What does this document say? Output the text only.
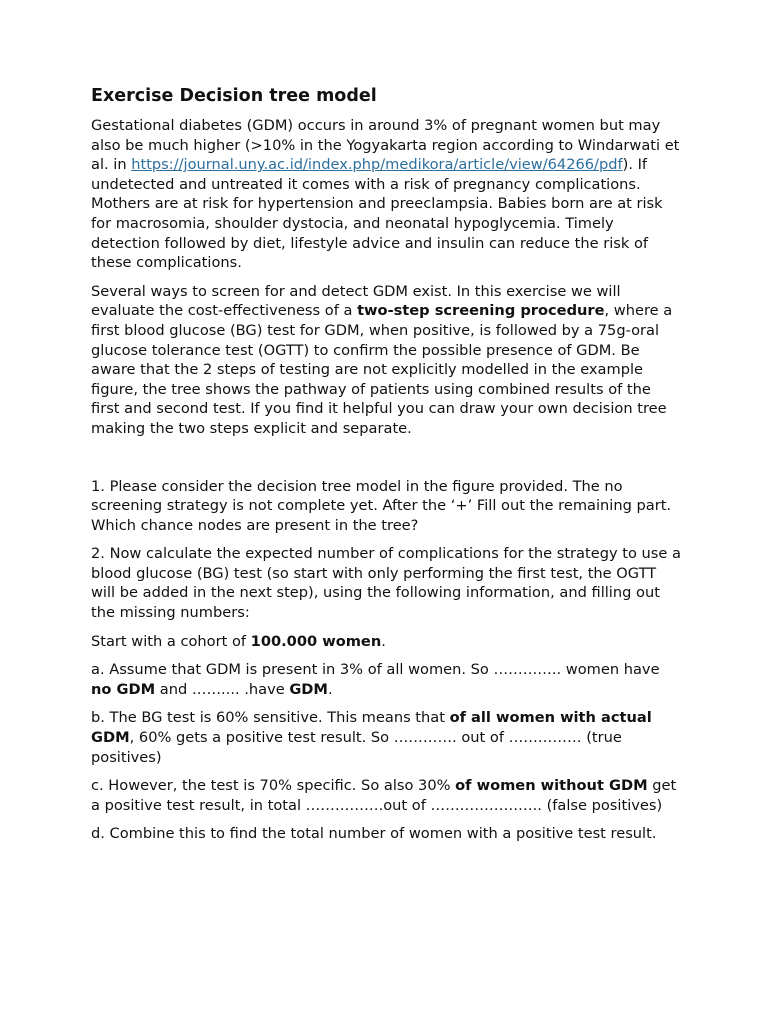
Exercise Decision tree model

Gestational diabetes (GDM) occurs in around 3% of pregnant women but may also be much higher (>10% in the Yogyakarta region according to Windarwati et al. in https://journal.uny.ac.id/index.php/medikora/article/view/64266/pdf). If undetected and untreated it comes with a risk of pregnancy complications. Mothers are at risk for hypertension and preeclampsia. Babies born are at risk for macrosomia, shoulder dystocia, and neonatal hypoglycemia. Timely detection followed by diet, lifestyle advice and insulin can reduce the risk of these complications.

Several ways to screen for and detect GDM exist. In this exercise we will evaluate the cost-effectiveness of a two-step screening procedure, where a first blood glucose (BG) test for GDM, when positive, is followed by a 75g-oral glucose tolerance test (OGTT) to confirm the possible presence of GDM. Be aware that the 2 steps of testing are not explicitly modelled in the example figure, the tree shows the pathway of patients using combined results of the first and second test. If you find it helpful you can draw your own decision tree making the two steps explicit and separate.

1. Please consider the decision tree model in the figure provided. The no screening strategy is not complete yet. After the ‘+’ Fill out the remaining part. Which chance nodes are present in the tree?

2. Now calculate the expected number of complications for the strategy to use a blood glucose (BG) test (so start with only performing the first test, the OGTT will be added in the next step), using the following information, and filling out the missing numbers:

Start with a cohort of 100.000 women.

a. Assume that GDM is present in 3% of all women. So ………….. women have no GDM and …….... .have GDM.

b. The BG test is 60% sensitive. This means that of all women with actual GDM, 60% gets a positive test result. So …………. out of …………… (true positives)

c. However, the test is 70% specific. So also 30% of women without GDM get a positive test result, in total …………….out of ………………….. (false positives)

d. Combine this to find the total number of women with a positive test result.
